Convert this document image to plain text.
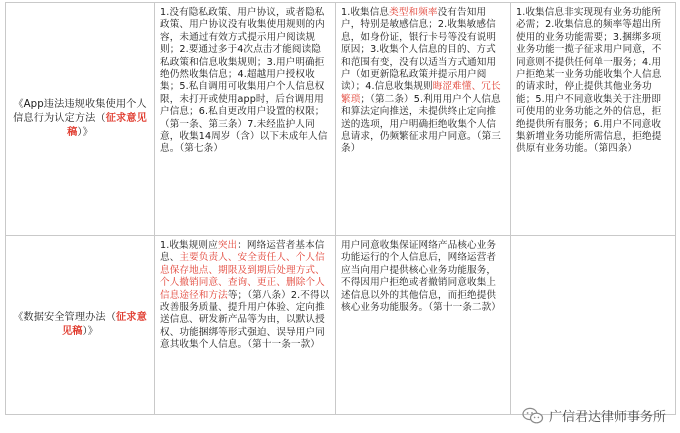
《App违法违规收集使用个人信息行为认定方法（征求意见稿）》	1.没有隐私政策、用户协议，或者隐私政策、用户协议没有收集使用规则的内容，未通过有效方式提示用户阅读规则；2.要通过多于4次点击才能阅读隐私政策和信息收集规则；3.用户明确拒绝仍然收集信息；4.超越用户授权收集；5.私自调用可收集用户个人信息权限，未打开或使用app时，后台调用用户信息；6.私自更改用户设置的权限；（第一条、第三条）7.未经监护人同意，收集14周岁（含）以下未成年人信息。（第七条）	1.收集信息类型和频率没有告知用户，特别是敏感信息；2.收集敏感信息，如身份证，银行卡号等没有说明原因；3.收集个人信息的目的、方式和范围有变，没有以适当方式通知用户（如更新隐私政策并提示用户阅读）；4.信息收集规则晦涩难懂、冗长繁琐；（第二条）5.利用用户个人信息和算法定向推送，未提供终止定向推送的选项，用户明确拒绝收集个人信息请求，仍频繁征求用户同意。（第三条）	1.收集信息非实现现有业务功能所必需；2.收集信息的频率等超出所使用的业务功能需要；3.捆绑多项业务功能一揽子征求用户同意，不同意则不提供任何单一服务；4.用户拒绝某一业务功能收集个人信息的请求时，停止提供其他业务功能；5.用户不同意收集关于注册即可使用的业务功能之外的信息，拒绝提供所有服务；6.用户不同意收集新增业务功能所需信息，拒绝提供原有业务功能。（第四条）
《数据安全管理办法（征求意见稿）》	1.收集规则应突出：网络运营者基本信息、主要负责人、安全责任人、个人信息保存地点、期限及到期后处理方式、个人撤销同意、查询、更正、删除个人信息途径和方法等；（第八条）2.不得以改善服务质量、提升用户体验、定向推送信息、研发新产品等为由，以默认授权、功能捆绑等形式强迫、误导用户同意其收集个人信息。（第十一条一款）	用户同意收集保证网络产品核心业务功能运行的个人信息后，网络运营者应当向用户提供核心业务功能服务，不得因用户拒绝或者撤销同意收集上述信息以外的其他信息，而拒绝提供核心业务功能服务。（第十一条二款）	
广信君达律师事务所
